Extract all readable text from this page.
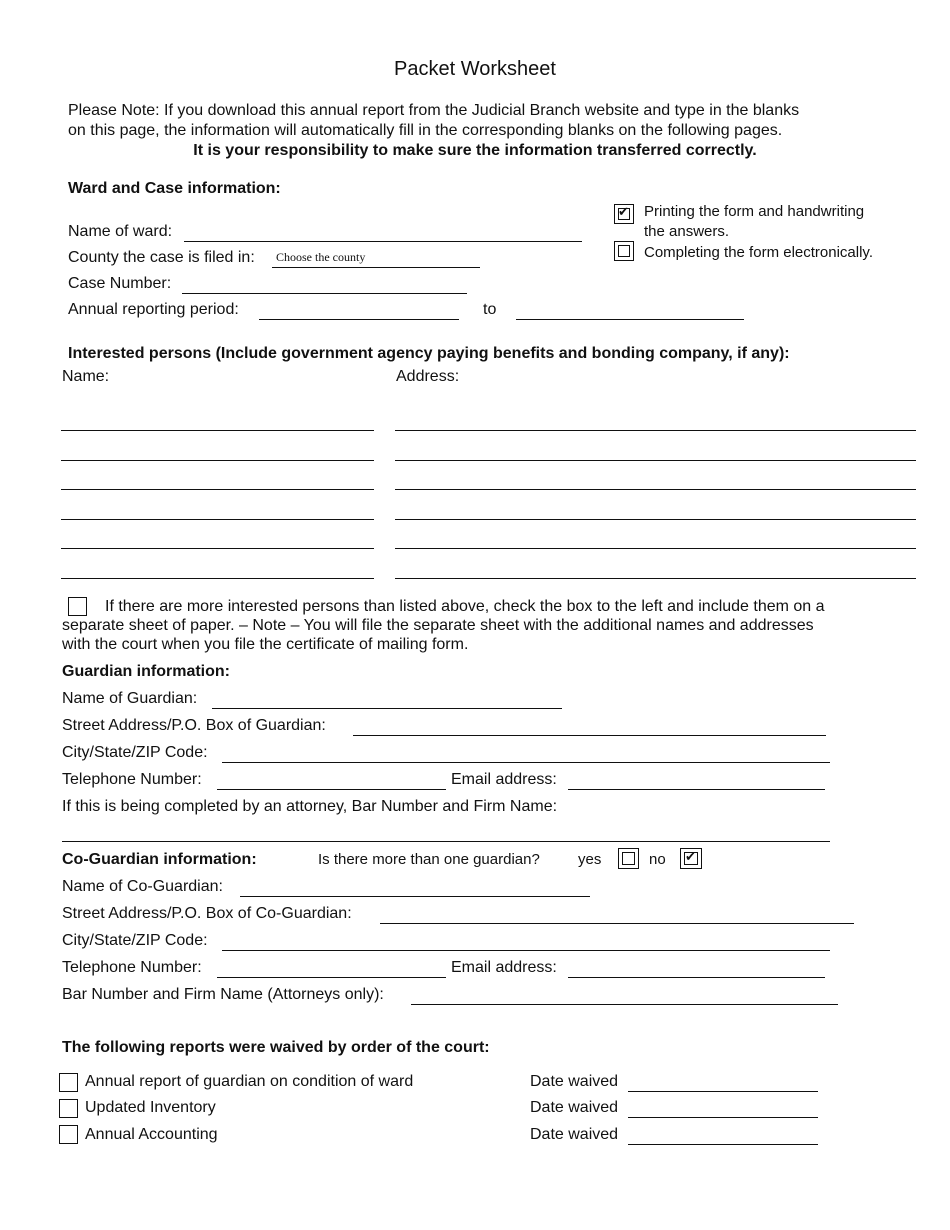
Packet Worksheet
Please Note: If you download this annual report from the Judicial Branch website and type in the blanks
on this page, the information will automatically fill in the corresponding blanks on the following pages.
It is your responsibility to make sure the information transferred correctly.
Ward and Case information:
Name of ward:
County the case is filed in: Choose the county
Case Number:
Annual reporting period:	to
✔ Printing the form and handwriting
the answers.
Completing the form electronically.
Interested persons (Include government agency paying benefits and bonding company, if any):
Name:	Address:
If there are more interested persons than listed above, check the box to the left and include them on a
separate sheet of paper. – Note – You will file the separate sheet with the additional names and addresses
with the court when you file the certificate of mailing form.
Guardian information:
Name of Guardian:
Street Address/P.O. Box of Guardian:
City/State/ZIP Code:
Telephone Number:	Email address:
If this is being completed by an attorney, Bar Number and Firm Name:
Co-Guardian information:	Is there more than one guardian?	yes	no ✔
Name of Co-Guardian:
Street Address/P.O. Box of Co-Guardian:
City/State/ZIP Code:
Telephone Number:	Email address:
Bar Number and Firm Name (Attorneys only):
The following reports were waived by order of the court:
Annual report of guardian on condition of ward	Date waived
Updated Inventory	Date waived
Annual Accounting	Date waived
